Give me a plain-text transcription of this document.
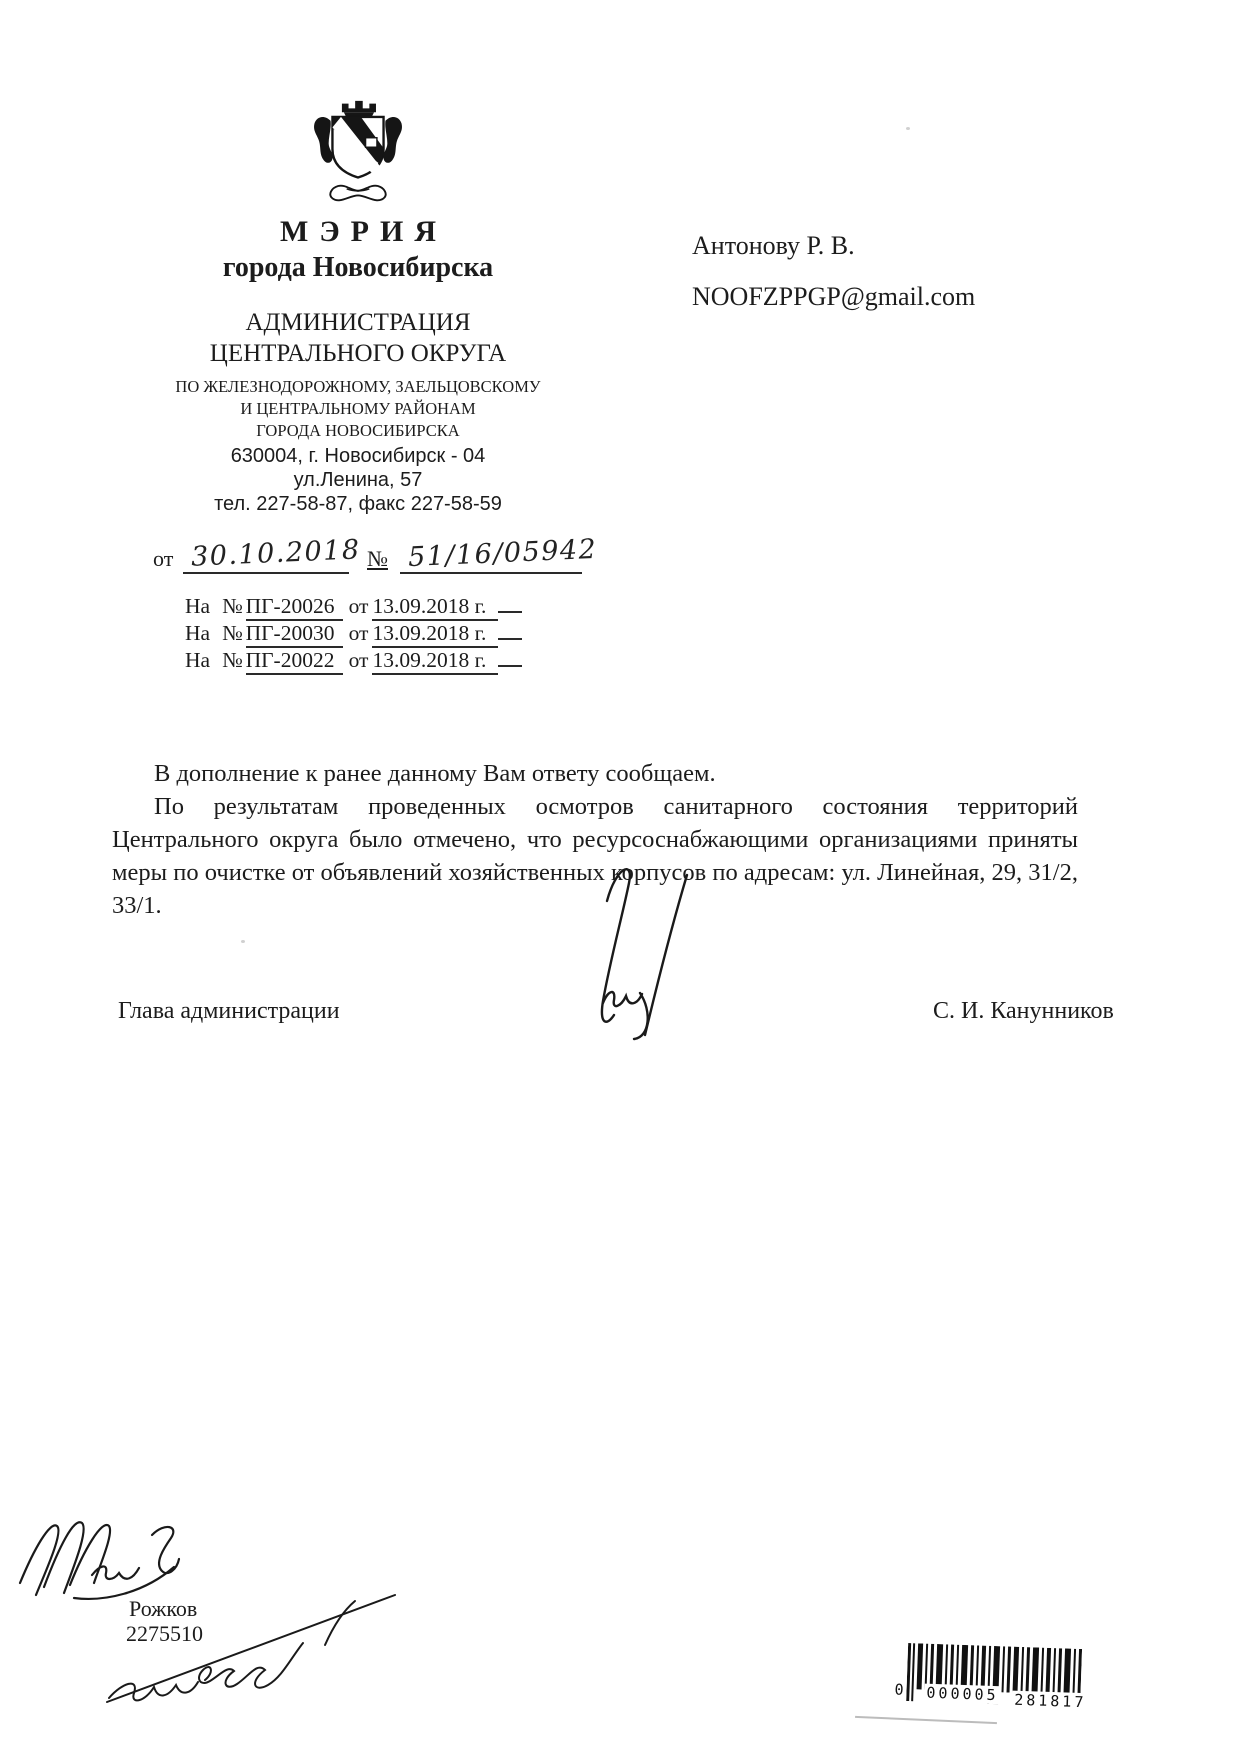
МЭРИЯ
города Новосибирска
АДМИНИСТРАЦИЯ
ЦЕНТРАЛЬНОГО ОКРУГА
ПО ЖЕЛЕЗНОДОРОЖНОМУ, ЗАЕЛЬЦОВСКОМУ
И ЦЕНТРАЛЬНОМУ РАЙОНАМ
ГОРОДА НОВОСИБИРСКА
630004, г. Новосибирск - 04
ул.Ленина, 57
тел. 227-58-87, факс 227-58-59
от 30.10.2018 № 51/16/05942
На № ПГ-20026 от 13.09.2018 г.
На № ПГ-20030 от 13.09.2018 г.
На № ПГ-20022 от 13.09.2018 г.
Антонову Р. В.
NOOFZPPGP@gmail.com

В дополнение к ранее данному Вам ответу сообщаем.

По результатам проведенных осмотров санитарного состояния территорий Центрального округа было отмечено, что ресурсоснабжающими организациями приняты меры по очистке от объявлений хозяйственных корпусов по адресам: ул. Линейная, 29, 31/2, 33/1.

Глава администрации	С. И. Канунников
Рожков
2275510
0 000005 281817
